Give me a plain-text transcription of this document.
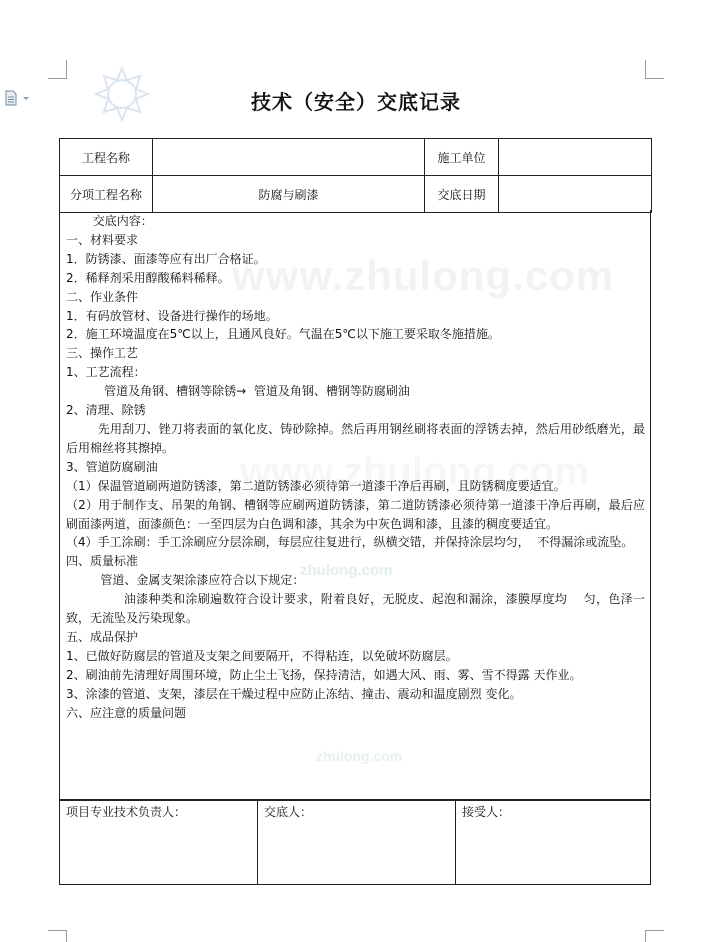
技术（安全）交底记录
工程名称		施工单位	
分项工程名称	防腐与刷漆	交底日期	

交底内容：

一、材料要求

1．防锈漆、面漆等应有出厂合格证。

2．稀释剂采用醇酸稀料稀释。

二、作业条件

1．有码放管材、设备进行操作的场地。

2．施工环境温度在5℃以上，且通风良好。气温在5℃以下施工要采取冬施措施。

三、操作工艺

1、工艺流程：

管道及角钢、槽钢等除锈→  管道及角钢、槽钢等防腐刷油

2、清理、除锈

先用刮刀、锉刀将表面的氧化皮、铸砂除掉。然后再用钢丝刷将表面的浮锈去掉，然后用砂纸磨光，最后用棉丝将其擦掉。

3、管道防腐刷油

（1）保温管道刷两道防锈漆，第二道防锈漆必须待第一道漆干净后再刷，且防锈稠度要适宜。

（2）用于制作支、吊架的角钢、槽钢等应刷两道防锈漆，第二道防锈漆必须待第一道漆干净后再刷，最后应刷面漆两道，面漆颜色：一至四层为白色调和漆，其余为中灰色调和漆，且漆的稠度要适宜。

（4）手工涂刷：手工涂刷应分层涂刷，每层应往复进行，纵横交错，并保持涂层均匀，  不得漏涂或流坠。

四、质量标准

管道、金属支架涂漆应符合以下规定：

油漆种类和涂刷遍数符合设计要求，附着良好，无脱皮、起泡和漏涂，漆膜厚度均    匀，色泽一致，无流坠及污染现象。

五、成品保护

1、已做好防腐层的管道及支架之间要隔开，不得粘连，以免破坏防腐层。

2、刷油前先清理好周围环境，防止尘土飞扬，保持清洁，如遇大风、雨、雾、雪不得露 天作业。

3、涂漆的管道、支架，漆层在干燥过程中应防止冻结、撞击、震动和温度剧烈 变化。

六、应注意的质量问题

项目专业技术负责人：	交底人：	接受人：
www.zhulong.com
zhulong.com
zhulong.com
